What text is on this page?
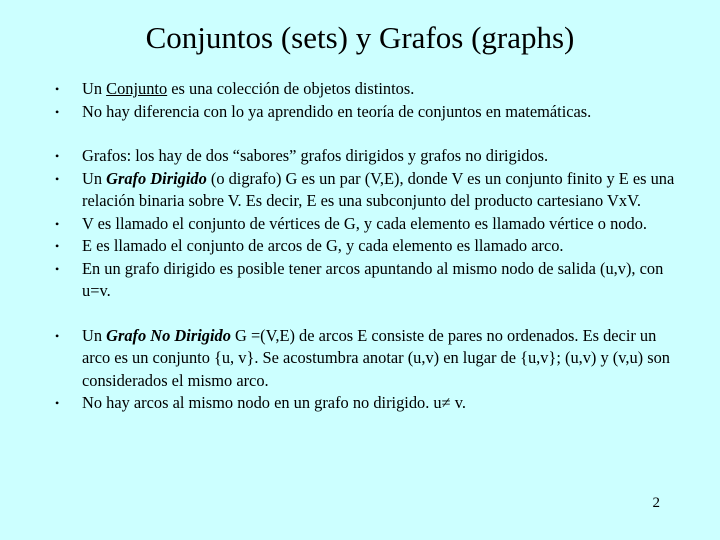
Conjuntos (sets) y Grafos (graphs)
•	Un Conjunto es una colección de objetos distintos.
•	No hay diferencia con lo ya aprendido en teoría de conjuntos en matemáticas.
•	Grafos: los hay de dos “sabores” grafos dirigidos y grafos no dirigidos.
•	Un Grafo Dirigido (o digrafo) G es un par (V,E), donde V es un conjunto finito y E es una relación binaria sobre V. Es decir, E es una subconjunto del producto cartesiano VxV.
•	V es llamado el conjunto de vértices de G, y cada elemento es llamado vértice o nodo.
•	E es llamado el conjunto de arcos de G, y cada elemento es llamado arco.
•	En un grafo dirigido es posible tener arcos apuntando al mismo nodo de salida (u,v), con u=v.
•	Un Grafo No Dirigido G =(V,E) de arcos E consiste de pares no ordenados. Es decir un arco es un conjunto {u, v}. Se acostumbra anotar (u,v) en lugar de {u,v}; (u,v) y (v,u) son considerados el mismo arco.
•	No hay arcos al mismo nodo en un grafo no dirigido. u≠ v.
2
